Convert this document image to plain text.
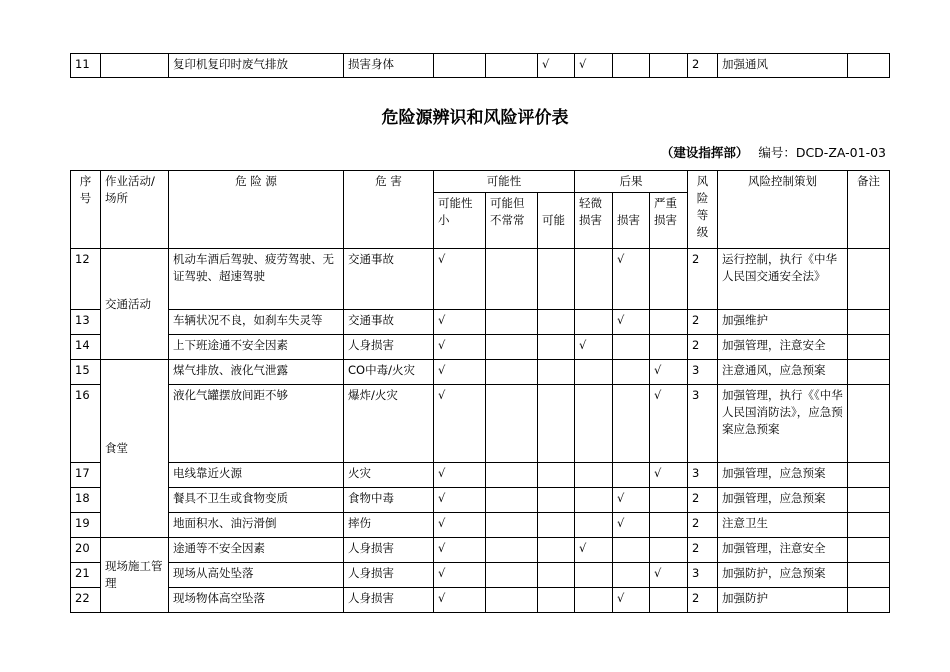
11		复印机复印时废气排放	损害身体			√	√			2	加强通风	
危险源辨识和风险评价表
（建设指挥部） 编号：DCD-ZA-01-03
序号	作业活动/场所	危 险 源	危 害	可能性			后果			风险等级	风险控制策划	备注
				可能性小	可能但不常常	可能	轻微损害	损害	严重损害			
12	交通活动	机动车酒后驾驶、疲劳驾驶、无证驾驶、超速驾驶	交通事故	√				√		2	运行控制，执行《中华人民国交通安全法》	
13		车辆状况不良，如刹车失灵等	交通事故	√				√		2	加强维护	
14		上下班途通不安全因素	人身损害	√			√			2	加强管理，注意安全	
15	食堂	煤气排放、液化气泄露	CO中毒/火灾	√					√	3	注意通风，应急预案	
16		液化气罐摆放间距不够	爆炸/火灾	√					√	3	加强管理，执行《《中华人民国消防法》，应急预案应急预案	
17		电线靠近火源	火灾	√					√	3	加强管理，应急预案	
18		餐具不卫生或食物变质	食物中毒	√				√		2	加强管理，应急预案	
19		地面积水、油污滑倒	摔伤	√				√		2	注意卫生	
20	现场施工管理	途通等不安全因素	人身损害	√			√			2	加强管理，注意安全	
21		现场从高处坠落	人身损害	√					√	3	加强防护，应急预案	
22		现场物体高空坠落	人身损害	√				√		2	加强防护	
